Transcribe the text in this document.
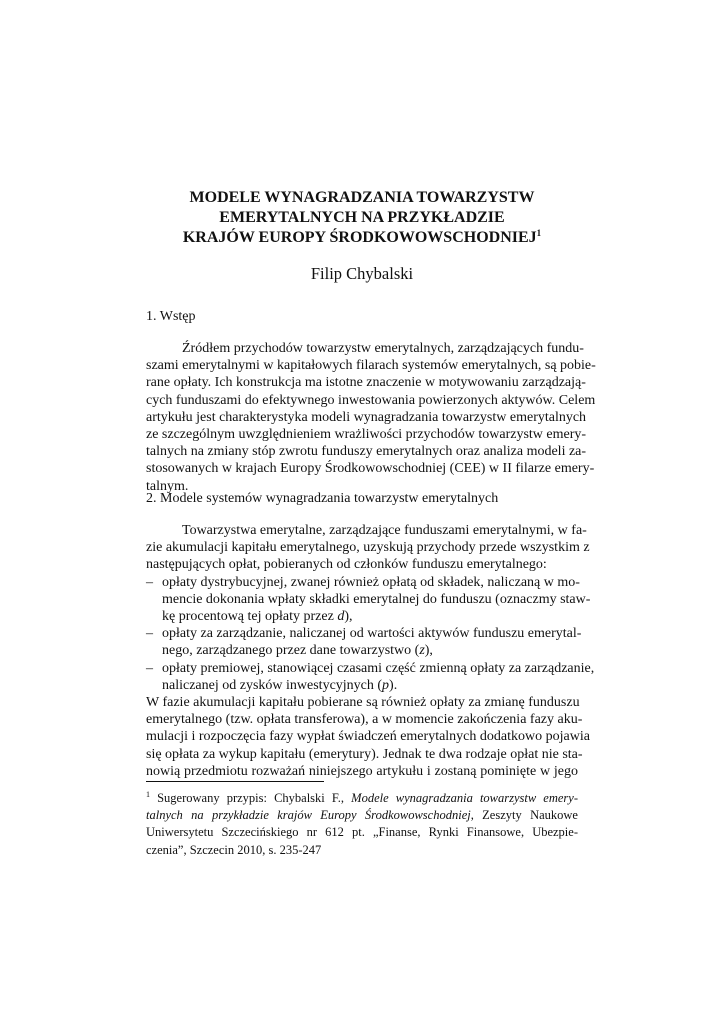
MODELE WYNAGRADZANIA TOWARZYSTW
EMERYTALNYCH NA PRZYKŁADZIE
KRAJÓW EUROPY ŚRODKOWOWSCHODNIEJ$^1$
Filip Chybalski
1. Wstęp
Źródłem przychodów towarzystw emerytalnych, zarządzających fundu-
szami emerytalnymi w kapitałowych filarach systemów emerytalnych, są pobie-
rane opłaty. Ich konstrukcja ma istotne znaczenie w motywowaniu zarządzają-
cych funduszami do efektywnego inwestowania powierzonych aktywów. Celem
artykułu jest charakterystyka modeli wynagradzania towarzystw emerytalnych
ze szczególnym uwzględnieniem wrażliwości przychodów towarzystw emery-
talnych na zmiany stóp zwrotu funduszy emerytalnych oraz analiza modeli za-
stosowanych w krajach Europy Środkowowschodniej (CEE) w II filarze emery-
talnym.
2. Modele systemów wynagradzania towarzystw emerytalnych
Towarzystwa emerytalne, zarządzające funduszami emerytalnymi, w fa-
zie akumulacji kapitału emerytalnego, uzyskują przychody przede wszystkim z
następujących opłat, pobieranych od członków funduszu emerytalnego:
– opłaty dystrybucyjnej, zwanej również opłatą od składek, naliczaną w mo-
mencie dokonania wpłaty składki emerytalnej do funduszu (oznaczmy staw-
kę procentową tej opłaty przez d),
– opłaty za zarządzanie, naliczanej od wartości aktywów funduszu emerytal-
nego, zarządzanego przez dane towarzystwo (z),
– opłaty premiowej, stanowiącej czasami część zmienną opłaty za zarządzanie,
naliczanej od zysków inwestycyjnych (p).
W fazie akumulacji kapitału pobierane są również opłaty za zmianę funduszu
emerytalnego (tzw. opłata transferowa), a w momencie zakończenia fazy aku-
mulacji i rozpoczęcia fazy wypłat świadczeń emerytalnych dodatkowo pojawia
się opłata za wykup kapitału (emerytury). Jednak te dwa rodzaje opłat nie sta-
nowią przedmiotu rozważań niniejszego artykułu i zostaną pominięte w jego
$^1$ Sugerowany przypis: Chybalski F., Modele wynagradzania towarzystw emery-
talnych na przykładzie krajów Europy Środkowowschodniej, Zeszyty Naukowe
Uniwersytetu Szczecińskiego nr 612 pt. „Finanse, Rynki Finansowe, Ubezpie-
czenia”, Szczecin 2010, s. 235-247
